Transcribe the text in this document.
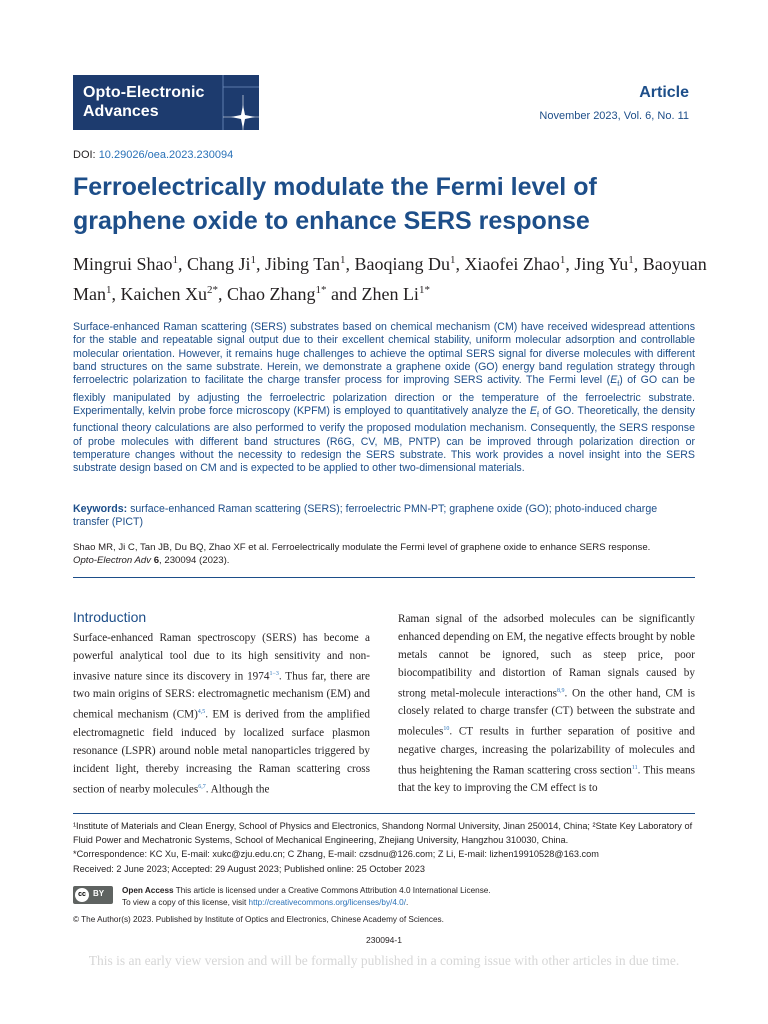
Opto-Electronic
Advances
Article
November 2023, Vol. 6, No. 11
DOI: 10.29026/oea.2023.230094
Ferroelectrically modulate the Fermi level of graphene oxide to enhance SERS response
Mingrui Shao$^1$, Chang Ji$^1$, Jibing Tan$^1$, Baoqiang Du$^1$, Xiaofei Zhao$^1$, Jing Yu$^1$, Baoyuan Man$^1$, Kaichen $Xu^{2*}$, Chao Zhang$^{1*}$ and Zhen $Li^{1*}$
Surface-enhanced Raman scattering (SERS) substrates based on chemical mechanism (CM) have received widespread attentions for the stable and repeatable signal output due to their excellent chemical stability, uniform molecular adsorption and controllable molecular orientation. However, it remains huge challenges to achieve the optimal SERS signal for diverse molecules with different band structures on the same substrate. Herein, we demonstrate a graphene oxide (GO) energy band regulation strategy through ferroelectric polarization to facilitate the charge transfer process for improving SERS activity. The Fermi level $(E_f)$ of GO can be flexibly manipulated by adjusting the ferroelectric polarization direction or the temperature of the ferroelectric substrate. Experimentally, kelvin probe force microscopy (KPFM) is employed to quantitatively analyze the $E_f$ of GO. Theoretically, the density functional theory calculations are also performed to verify the proposed modulation mechanism. Consequently, the SERS response of probe molecules with different band structures (R6G, CV, MB, PNTP) can be improved through polarization direction or temperature changes without the necessity to redesign the SERS substrate. This work provides a novel insight into the SERS substrate design based on CM and is expected to be applied to other two-dimensional materials.
Keywords: surface-enhanced Raman scattering (SERS); ferroelectric PMN-PT; graphene oxide (GO); photo-induced charge transfer (PICT)
Shao MR, Ji C, Tan JB, Du BQ, Zhao XF et al. Ferroelectrically modulate the Fermi level of graphene oxide to enhance SERS response.
Opto-Electron Adv 6, 230094 (2023).
Introduction
Surface-enhanced Raman spectroscopy (SERS) has become a powerful analytical tool due to its high sensitivity and non-invasive nature since its discovery in $1974^{1-3}$. Thus far, there are two main origins of SERS: electromagnetic mechanism (EM) and chemical mechanism (CM)$^{4,5}$. EM is derived from the amplified electromagnetic field induced by localized surface plasmon resonance (LSPR) around noble metal nanoparticles triggered by incident light, thereby increasing the Raman scattering cross section of nearby molecules$^{6,7}$. Although the
Raman signal of the adsorbed molecules can be significantly enhanced depending on EM, the negative effects brought by noble metals cannot be ignored, such as steep price, poor biocompatibility and distortion of Raman signals caused by strong metal-molecule interactions$^{8,9}$. On the other hand, CM is closely related to charge transfer (CT) between the substrate and molecules$^{10}$. CT results in further separation of positive and negative charges, increasing the polarizability of molecules and thus heightening the Raman scattering cross section$^{11}$. This means that the key to improving the CM effect is to
¹Institute of Materials and Clean Energy, School of Physics and Electronics, Shandong Normal University, Jinan 250014, China; ²State Key Laboratory of Fluid Power and Mechatronic Systems, School of Mechanical Engineering, Zhejiang University, Hangzhou 310030, China.
*Correspondence: KC Xu, E-mail: xukc@zju.edu.cn; C Zhang, E-mail: czsdnu@126.com; Z Li, E-mail: lizhen19910528@163.com
Received: 2 June 2023; Accepted: 29 August 2023; Published online: 25 October 2023
cc BY Open Access This article is licensed under a Creative Commons Attribution 4.0 International License.
To view a copy of this license, visit http://creativecommons.org/licenses/by/4.0/.
© The Author(s) 2023. Published by Institute of Optics and Electronics, Chinese Academy of Sciences.
230094-1
This is an early view version and will be formally published in a coming issue with other articles in due time.
